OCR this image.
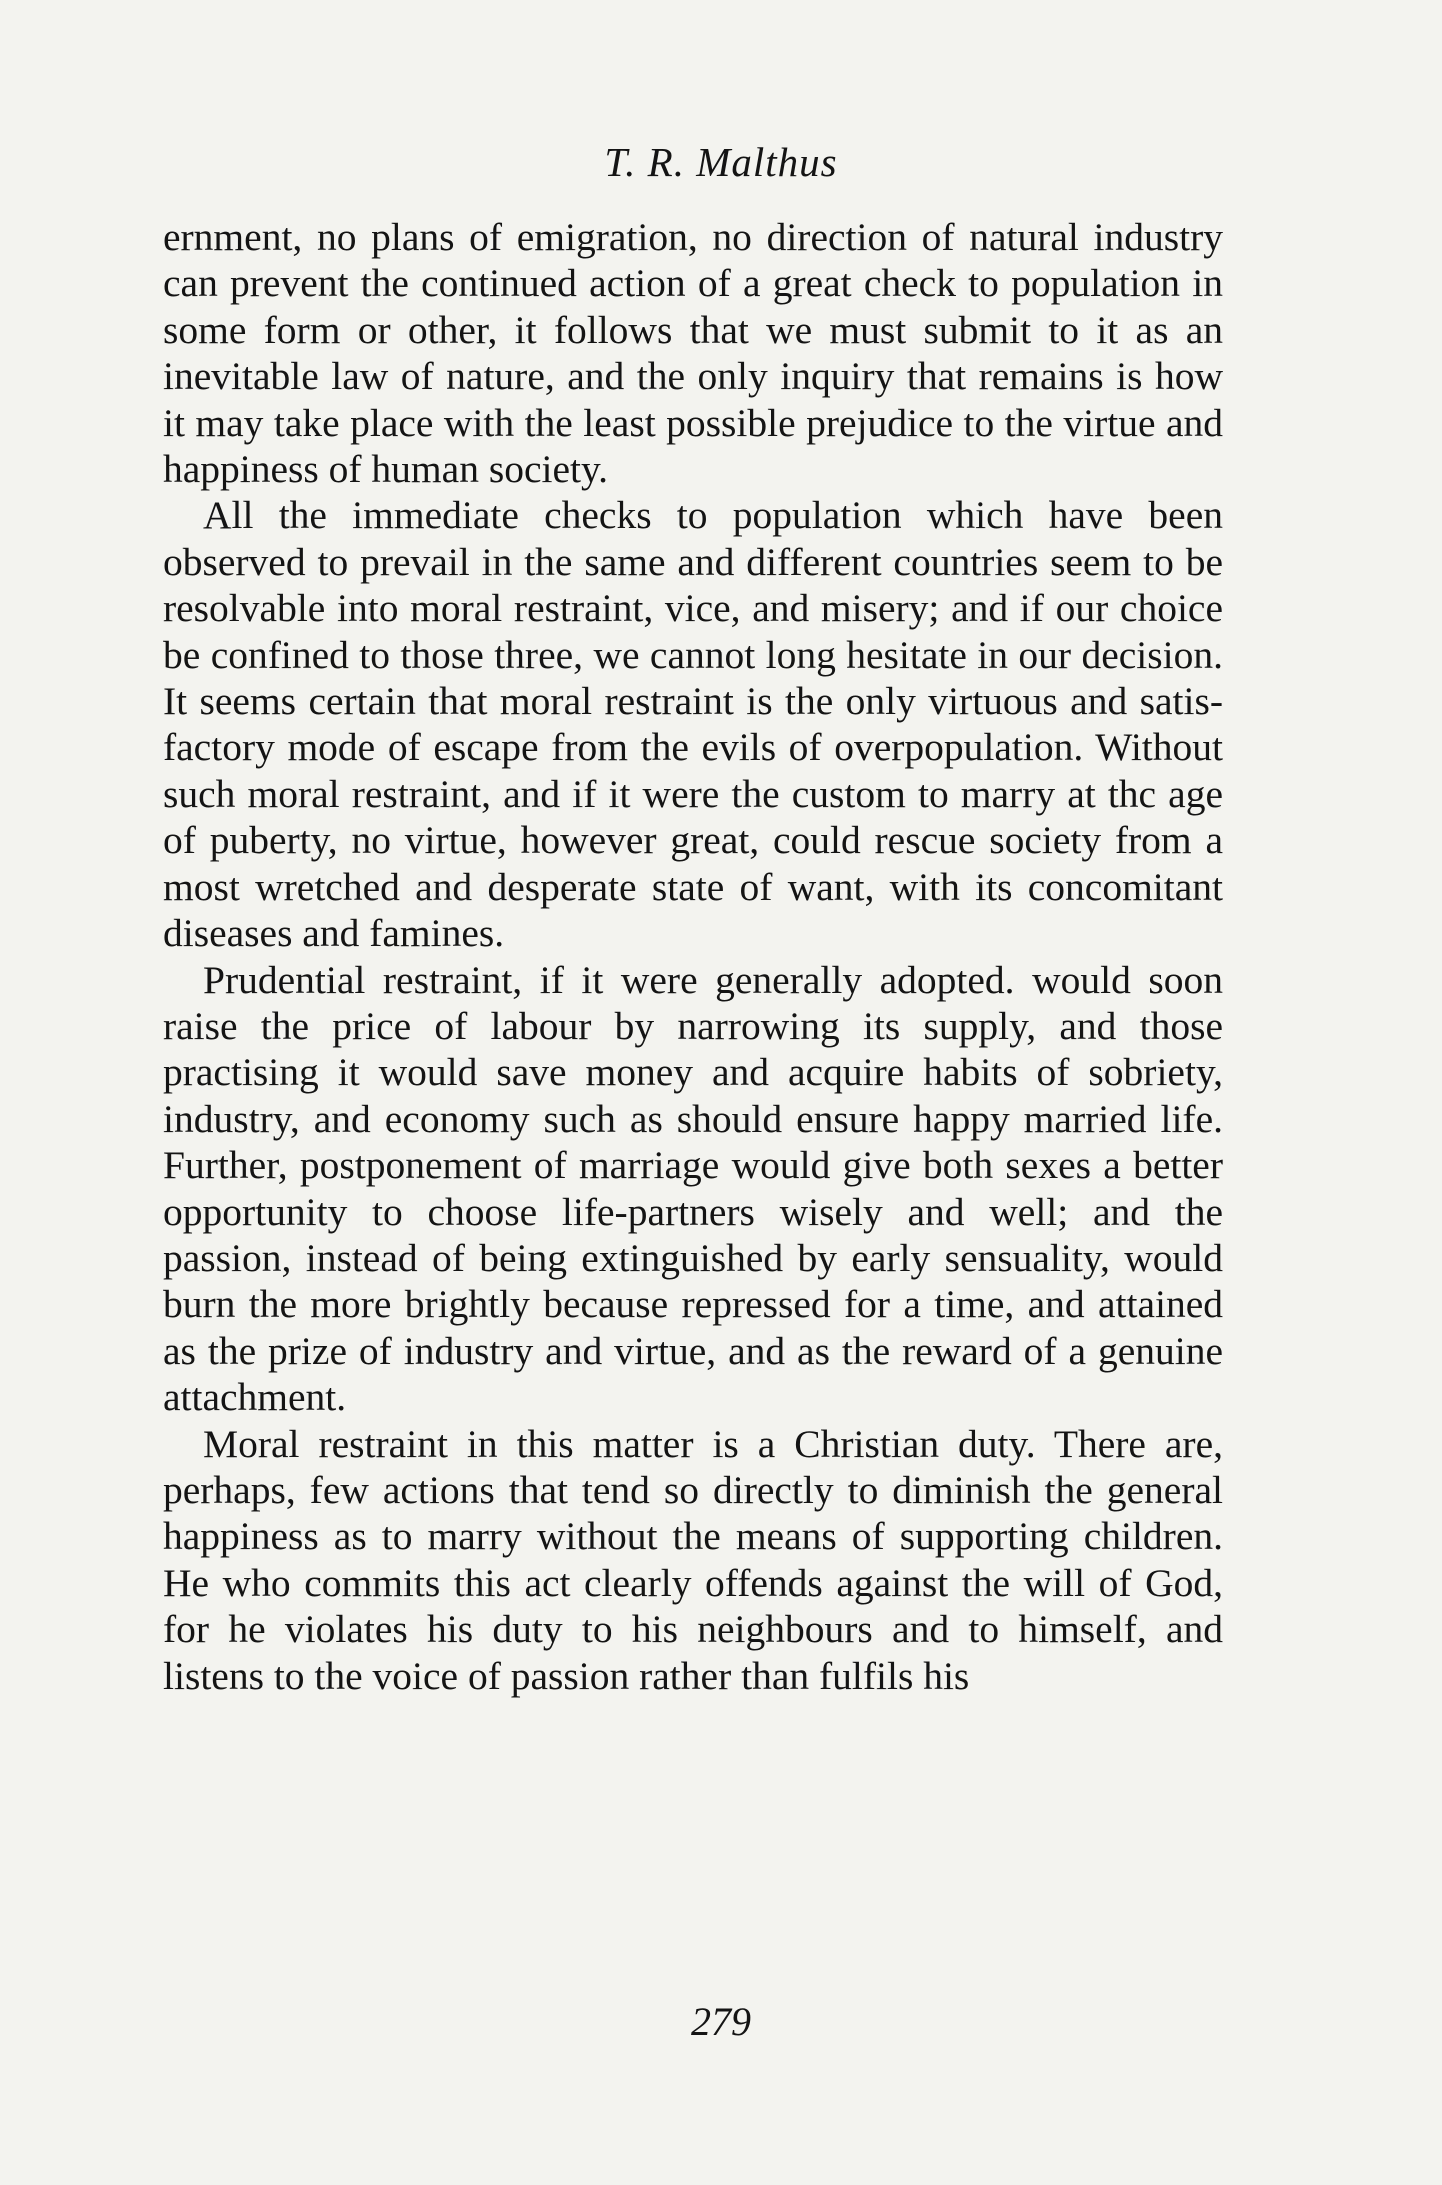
T. R. Malthus

ernment, no plans of emigration, no direction of natural industry can prevent the continued action of a great check to population in some form or other, it follows that we must submit to it as an inevitable law of nature, and the only inquiry that remains is how it may take place with the least possible prejudice to the virtue and happiness of human society.

All the immediate checks to population which have been observed to prevail in the same and different countries seem to be resolvable into moral restraint, vice, and misery; and if our choice be confined to those three, we cannot long hesitate in our decision. It seems certain that moral restraint is the only virtuous and satisfactory mode of escape from the evils of overpopulation. Without such moral restraint, and if it were the custom to marry at thc age of puberty, no virtue, however great, could rescue society from a most wretched and desperate state of want, with its concomitant diseases and famines.

Prudential restraint, if it were generally adopted. would soon raise the price of labour by narrowing its supply, and those practising it would save money and acquire habits of sobriety, industry, and economy such as should ensure happy married life. Further, postponement of marriage would give both sexes a better opportunity to choose life-partners wisely and well; and the passion, instead of being extinguished by early sensuality, would burn the more brightly because repressed for a time, and attained as the prize of industry and virtue, and as the reward of a genuine attachment.

Moral restraint in this matter is a Christian duty. There are, perhaps, few actions that tend so directly to diminish the general happiness as to marry without the means of supporting children. He who commits this act clearly offends against the will of God, for he violates his duty to his neighbours and to himself, and listens to the voice of passion rather than fulfils his

279
